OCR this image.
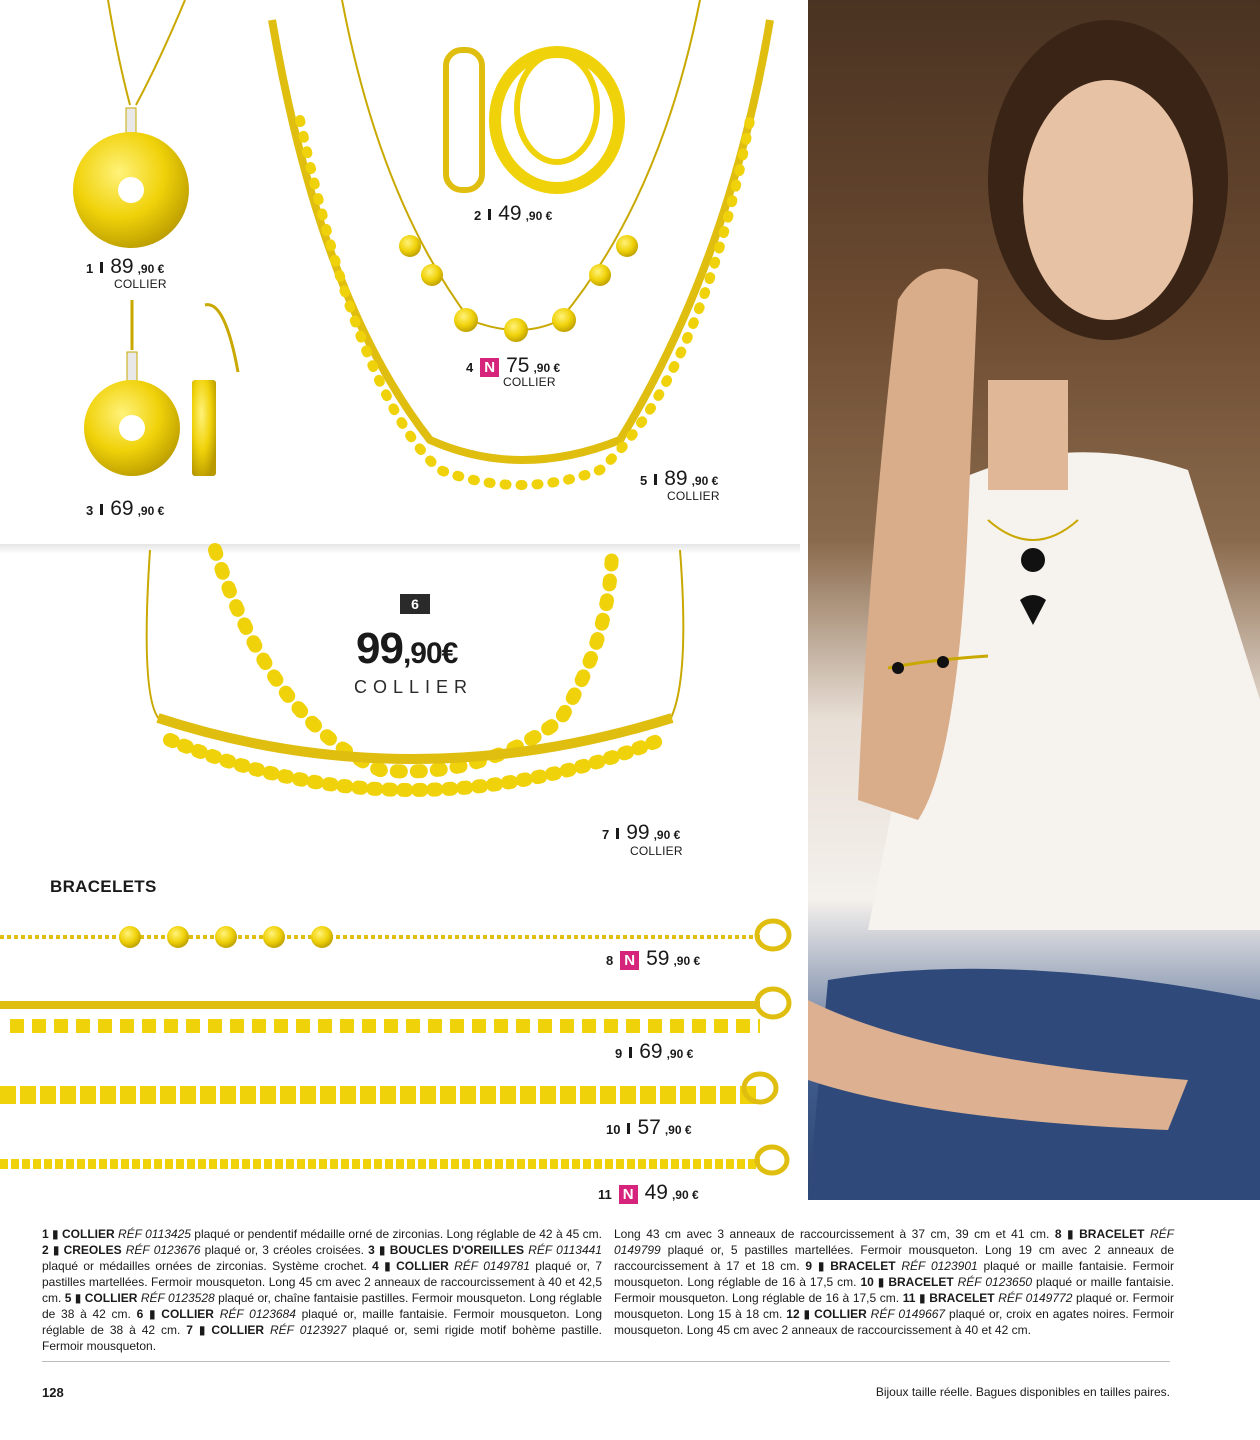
1 89 ,90 €
COLLIER
2 49 ,90 €
3 69 ,90 €
4 N 75 ,90 €
COLLIER
5 89 ,90 €
COLLIER
6
99,90€
COLLIER
7 99 ,90 €
COLLIER
BRACELETS
8 N 59 ,90 €
9 69 ,90 €
10 57 ,90 €
11 N 49 ,90 €
1 ▮ COLLIER RÉF 0113425 plaqué or pendentif médaille orné de zirconias. Long réglable de 42 à 45 cm. 2 ▮ CREOLES RÉF 0123676 plaqué or, 3 créoles croisées. 3 ▮ BOUCLES D'OREILLES RÉF 0113441 plaqué or médailles ornées de zirconias. Système crochet. 4 ▮ COLLIER RÉF 0149781 plaqué or, 7 pastilles martellées. Fermoir mousqueton. Long 45 cm avec 2 anneaux de raccourcissement à 40 et 42,5 cm. 5 ▮ COLLIER RÉF 0123528 plaqué or, chaîne fantaisie pastilles. Fermoir mousqueton. Long réglable de 38 à 42 cm. 6 ▮ COLLIER RÉF 0123684 plaqué or, maille fantaisie. Fermoir mousqueton. Long réglable de 38 à 42 cm. 7 ▮ COLLIER RÉF 0123927 plaqué or, semi rigide motif bohème pastille. Fermoir mousqueton.
Long 43 cm avec 3 anneaux de raccourcissement à 37 cm, 39 cm et 41 cm. 8 ▮ BRACELET RÉF 0149799 plaqué or, 5 pastilles martellées. Fermoir mousqueton. Long 19 cm avec 2 anneaux de raccourcissement à 17 et 18 cm. 9 ▮ BRACELET RÉF 0123901 plaqué or maille fantaisie. Fermoir mousqueton. Long réglable de 16 à 17,5 cm. 10 ▮ BRACELET RÉF 0123650 plaqué or maille fantaisie. Fermoir mousqueton. Long réglable de 16 à 17,5 cm. 11 ▮ BRACELET RÉF 0149772 plaqué or. Fermoir mousqueton. Long 15 à 18 cm. 12 ▮ COLLIER RÉF 0149667 plaqué or, croix en agates noires. Fermoir mousqueton. Long 45 cm avec 2 anneaux de raccourcissement à 40 et 42 cm.
128	Bijoux taille réelle. Bagues disponibles en tailles paires.
